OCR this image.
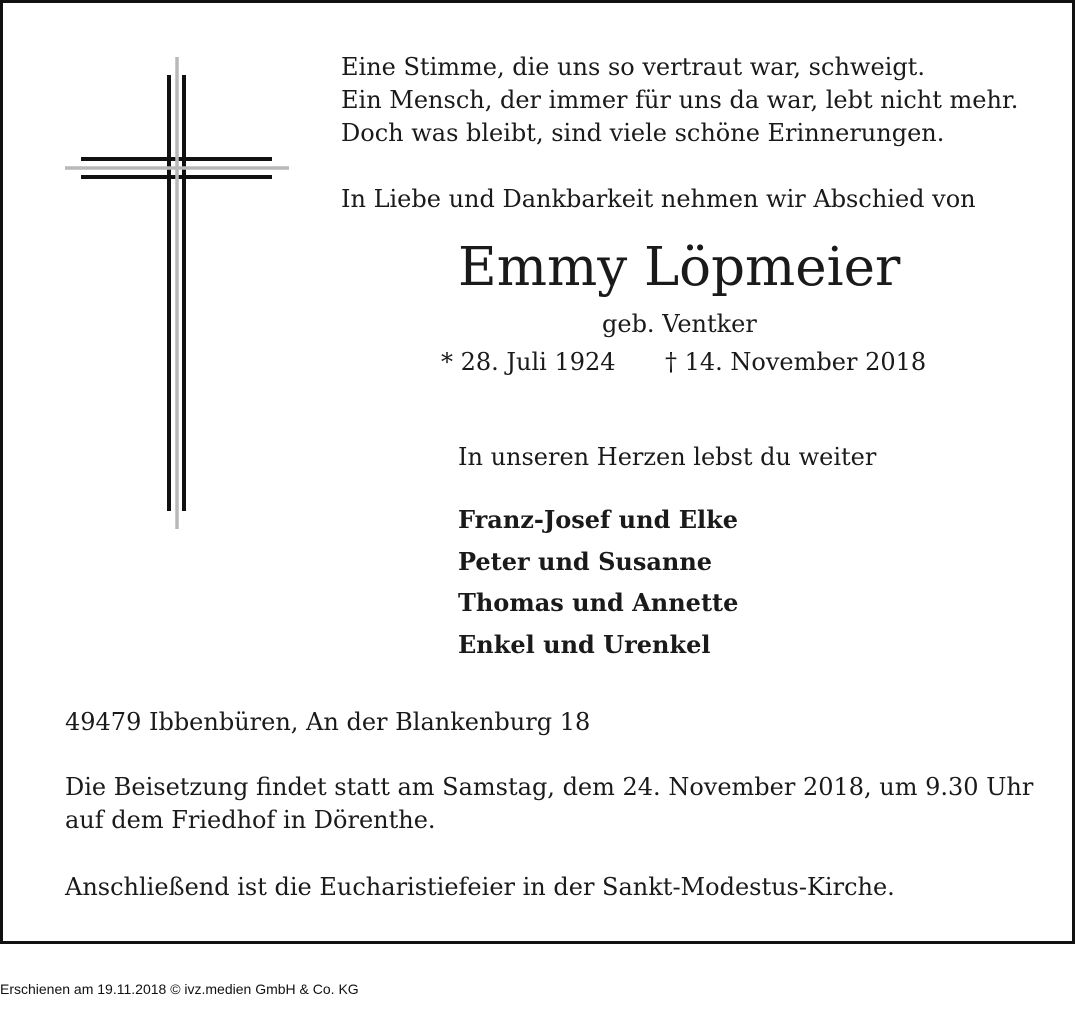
Eine Stimme, die uns so vertraut war, schweigt.
Ein Mensch, der immer für uns da war, lebt nicht mehr.
Doch was bleibt, sind viele schöne Erinnerungen.
In Liebe und Dankbarkeit nehmen wir Abschied von
Emmy Löpmeier
geb. Ventker
* 28. Juli 1924 † 14. November 2018
In unseren Herzen lebst du weiter
Franz-Josef und Elke
Peter und Susanne
Thomas und Annette
Enkel und Urenkel
49479 Ibbenbüren, An der Blankenburg 18
Die Beisetzung findet statt am Samstag, dem 24. November 2018, um 9.30 Uhr
auf dem Friedhof in Dörenthe.
Anschließend ist die Eucharistiefeier in der Sankt-Modestus-Kirche.
Erschienen am 19.11.2018 © ivz.medien GmbH & Co. KG
